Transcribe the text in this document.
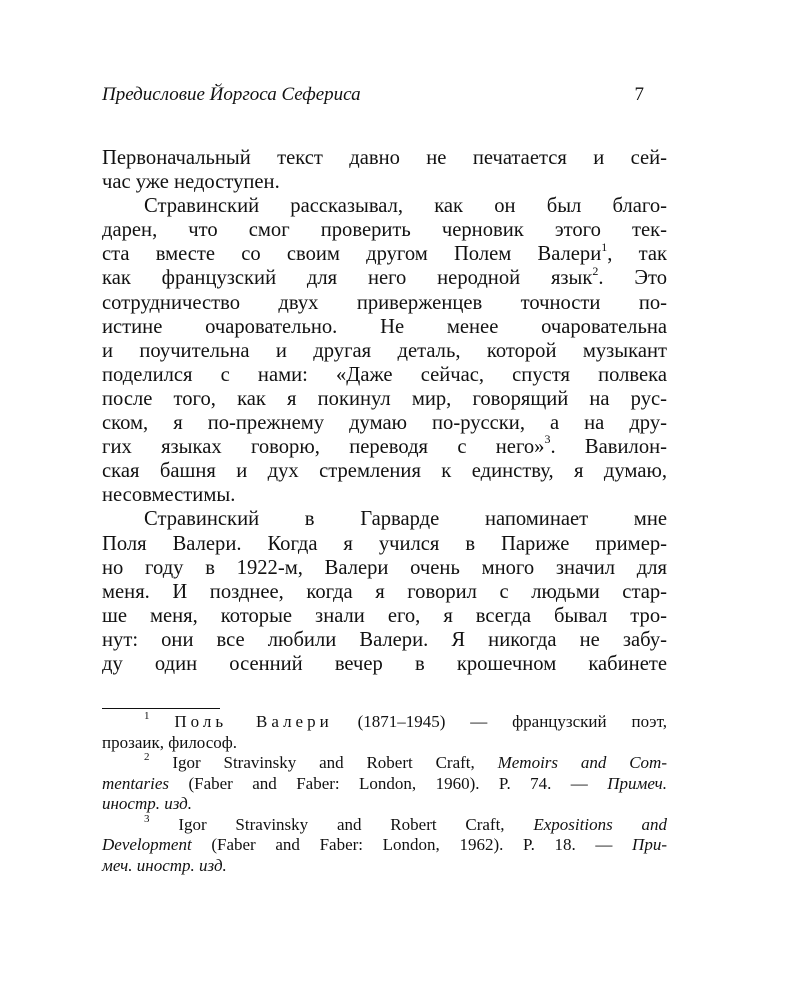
Предисловие Йоргоса Сефериса	7
Первоначальный текст давно не печатается и сей-
час уже недоступен.
Стравинский рассказывал, как он был благо-
дарен, что смог проверить черновик этого тек-
ста вместе со своим другом Полем Валери$^1$, так
как французский для него неродной язык$^2$. Это
сотрудничество двух приверженцев точности по-
истине очаровательно. Не менее очаровательна
и поучительна и другая деталь, которой музыкант
поделился с нами: «Даже сейчас, спустя полвека
после того, как я покинул мир, говорящий на рус-
ском, я по-прежнему думаю по-русски, а на дру-
гих языках говорю, переводя с него»$^3$. Вавилон-
ская башня и дух стремления к единству, я думаю,
несовместимы.
Стравинский в Гарварде напоминает мне
Поля Валери. Когда я учился в Париже пример-
но году в 1922-м, Валери очень много значил для
меня. И позднее, когда я говорил с людьми стар-
ше меня, которые знали его, я всегда бывал тро-
нут: они все любили Валери. Я никогда не забу-
ду один осенний вечер в крошечном кабинете
$^1$ Поль Валери (1871–1945) — французский поэт,
прозаик, философ.
$^2$ Igor Stravinsky and Robert Craft, Memoirs and Com-
mentaries (Faber and Faber: London, 1960). P. 74. — Примеч.
иностр. изд.
$^3$ Igor Stravinsky and Robert Craft, Expositions and
Development (Faber and Faber: London, 1962). P. 18. — При-
меч. иностр. изд.
